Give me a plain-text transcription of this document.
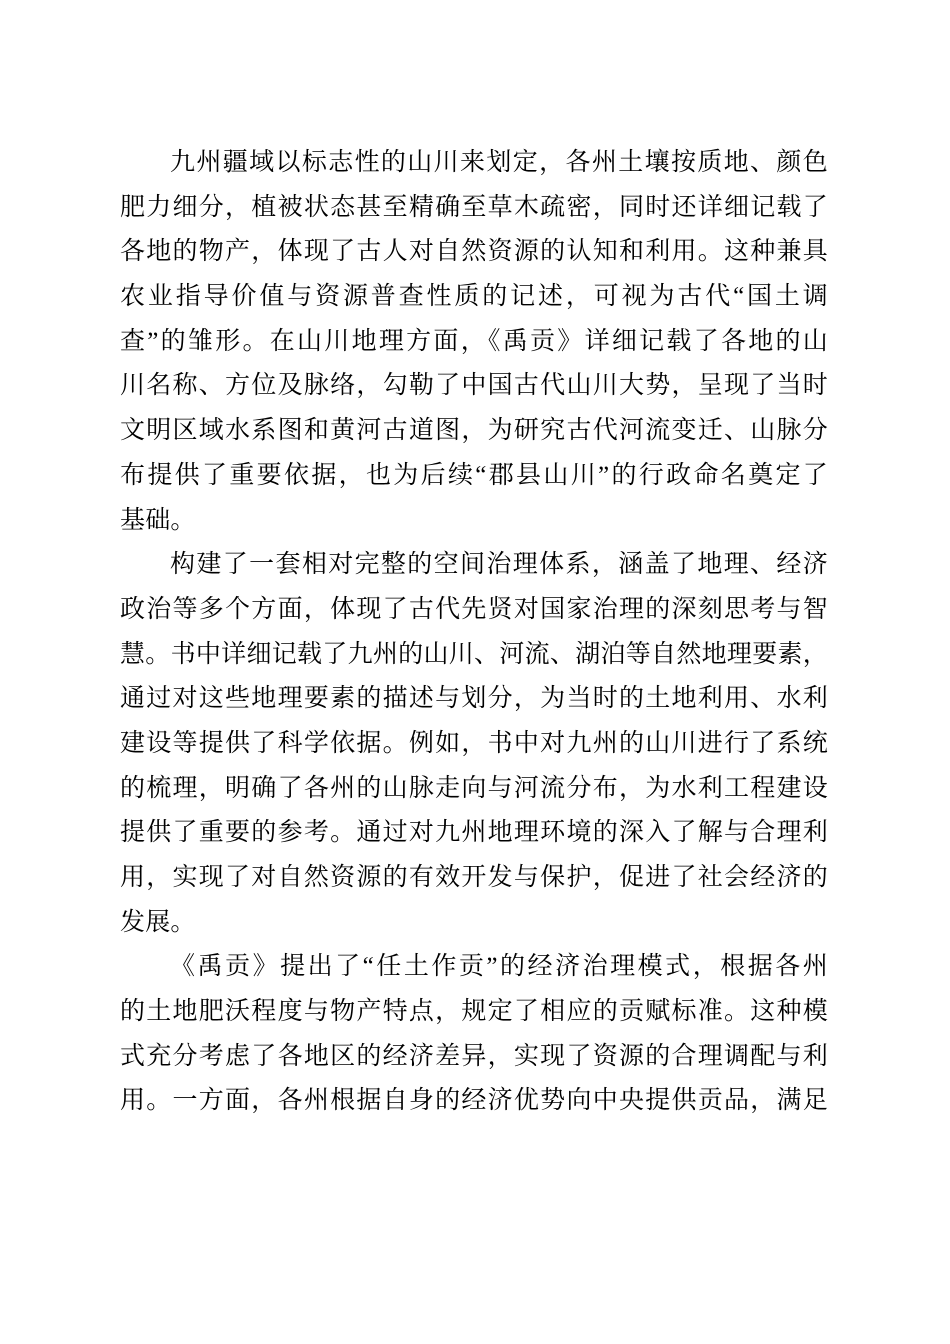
九州疆域以标志性的山川来划定，各州土壤按质地、颜色
肥力细分，植被状态甚至精确至草木疏密，同时还详细记载了
各地的物产，体现了古人对自然资源的认知和利用。这种兼具
农业指导价值与资源普查性质的记述，可视为古代“国土调
查”的雏形。在山川地理方面，《禹贡》详细记载了各地的山
川名称、方位及脉络，勾勒了中国古代山川大势，呈现了当时
文明区域水系图和黄河古道图，为研究古代河流变迁、山脉分
布提供了重要依据，也为后续“郡县山川”的行政命名奠定了
基础。
构建了一套相对完整的空间治理体系，涵盖了地理、经济
政治等多个方面，体现了古代先贤对国家治理的深刻思考与智
慧。书中详细记载了九州的山川、河流、湖泊等自然地理要素，
通过对这些地理要素的描述与划分，为当时的土地利用、水利
建设等提供了科学依据。例如，书中对九州的山川进行了系统
的梳理，明确了各州的山脉走向与河流分布，为水利工程建设
提供了重要的参考。通过对九州地理环境的深入了解与合理利
用，实现了对自然资源的有效开发与保护，促进了社会经济的
发展。
《禹贡》提出了“任土作贡”的经济治理模式，根据各州
的土地肥沃程度与物产特点，规定了相应的贡赋标准。这种模
式充分考虑了各地区的经济差异，实现了资源的合理调配与利
用。一方面，各州根据自身的经济优势向中央提供贡品，满足
